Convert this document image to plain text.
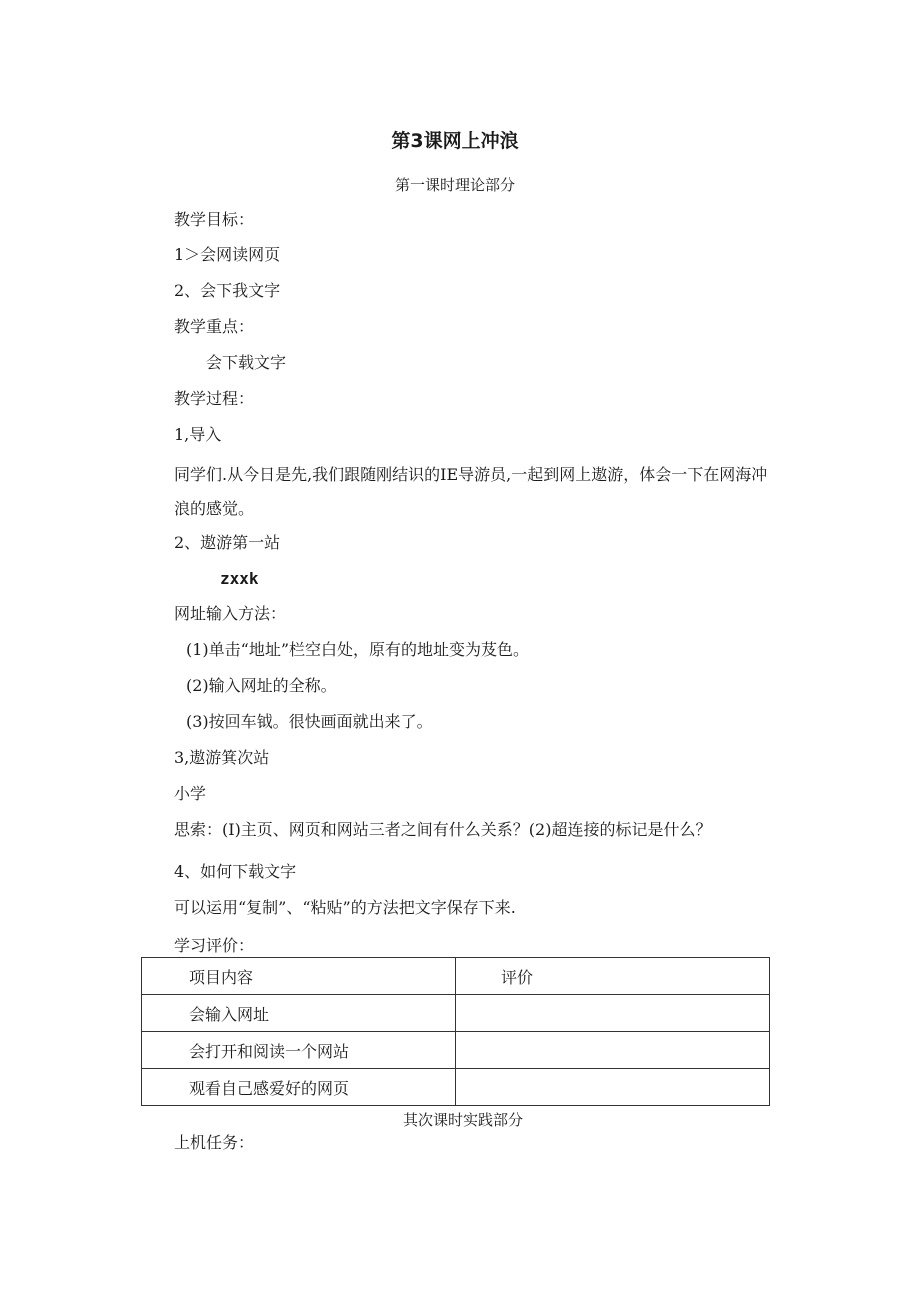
第3课网上冲浪
第一课时理论部分
教学目标：
1＞会网读网页
2、会下我文字
教学重点：
会下载文字
教学过程：
1,导入
同学们.从今日是先,我们跟随刚结识的IE导游员,一起到网上遨游，体会一下在网海冲浪的感觉。
2、遨游第一站
zxxk
网址输入方法：
(1)单击“地址”栏空白处，原有的地址变为芨色。
(2)输入网址的全称。
(3)按回车钺。很快画面就出来了。
3,遨游箕次站
小学
思索：(I)主页、网页和网站三者之间有什么关系？(2)超连接的标记是什么？
4、如何下载文字
可以运用“复制”、“粘贴”的方法把文字保存下来.
学习评价：
项目内容	评价
会输入网址	
会打开和阅读一个网站	
观看自己感爱好的网页	
其次课时实践部分
上机任务：
